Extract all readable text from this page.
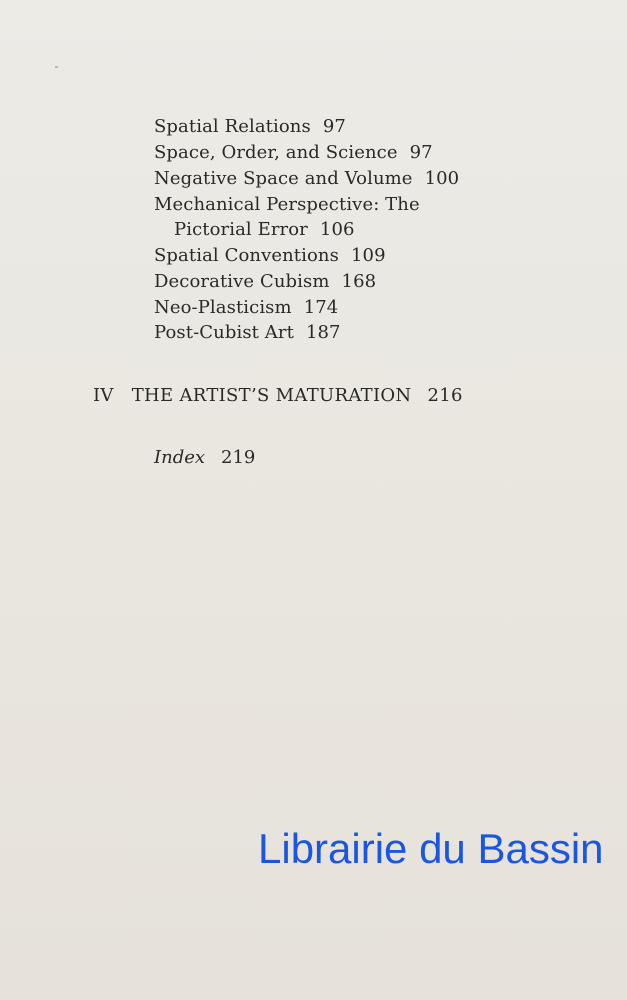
Spatial Relations 97
Space, Order, and Science 97
Negative Space and Volume 100
Mechanical Perspective: The
Pictorial Error 106
Spatial Conventions 109
Decorative Cubism 168
Neo-Plasticism 174
Post-Cubist Art 187
IV THE ARTIST’S MATURATION 216
Index 219
Librairie du Bassin
